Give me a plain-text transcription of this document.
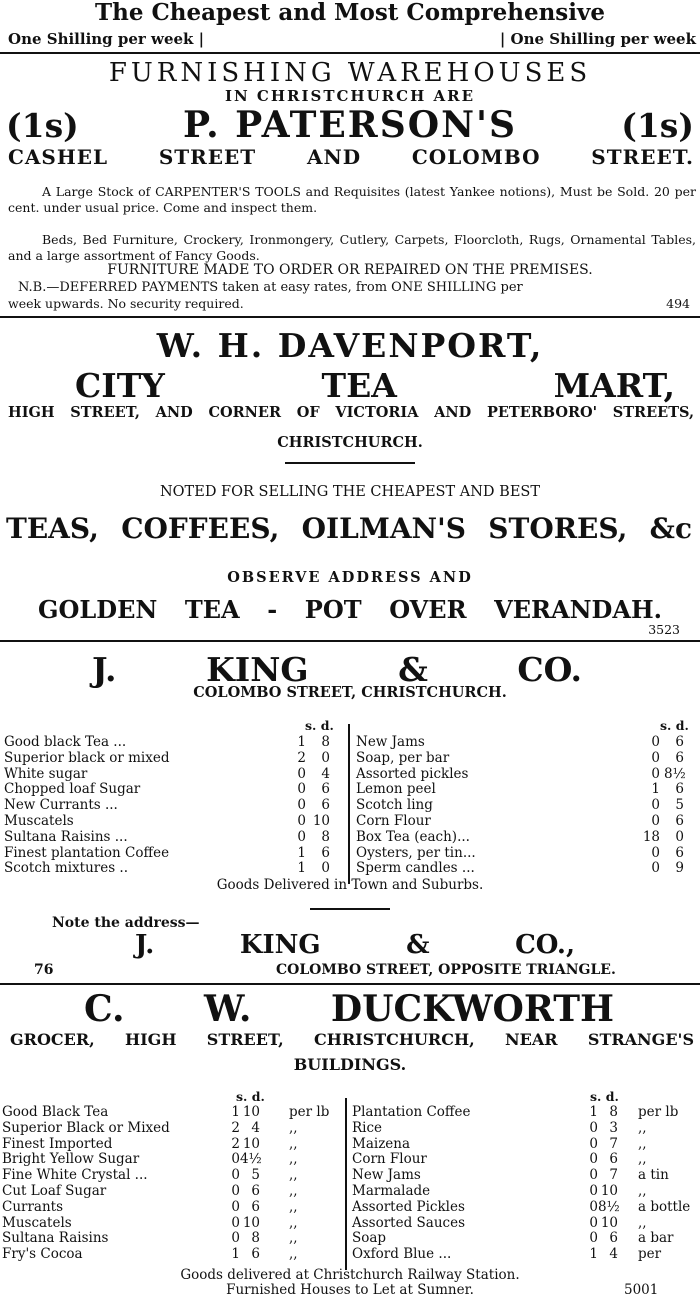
The Cheapest and Most Comprehensive
One Shilling per week |	| One Shilling per week
FURNISHING WAREHOUSES
IN CHRISTCHURCH ARE
(1s)	P. PATERSON'S	(1s)
CASHEL STREET AND COLOMBO STREET.
A Large Stock of CARPENTER'S TOOLS and Requisites (latest Yankee notions), Must be Sold. 20 per cent. under usual price. Come and inspect them.
Beds, Bed Furniture, Crockery, Ironmongery, Cutlery, Carpets, Floorcloth, Rugs, Ornamental Tables, and a large assortment of Fancy Goods.
FURNITURE MADE TO ORDER OR REPAIRED ON THE PREMISES.
N.B.—DEFERRED PAYMENTS taken at easy rates, from ONE SHILLING per
week upwards. No security required.	494
W. H. DAVENPORT,
CITY TEA MART,
HIGH STREET, AND CORNER OF VICTORIA AND PETERBORO' STREETS,
CHRISTCHURCH.
NOTED FOR SELLING THE CHEAPEST AND BEST
TEAS, COFFEES, OILMAN'S STORES, &c
OBSERVE ADDRESS AND
GOLDEN TEA - POT OVER VERANDAH.
3523
J. KING & CO.
COLOMBO STREET, CHRISTCHURCH.
s. d.	s. d.
Good black Tea ...	1	8
Superior black or mixed	2	0
White sugar	0	4
Chopped loaf Sugar	0	6
New Currants ...	0	6
Muscatels	0 10
Sultana Raisins ...	0	8
Finest plantation Coffee	1	6
Scotch mixtures ..	1	0
New Jams	0	6
Soap, per bar	0	6
Assorted pickles	0 8½
Lemon peel	1	6
Scotch ling	0	5
Corn Flour	0	6
Box Tea (each)...	18	0
Oysters, per tin...	0	6
Sperm candles ...	0	9
Goods Delivered in Town and Suburbs.
Note the address—
J. KING & CO.,
76	COLOMBO STREET, OPPOSITE TRIANGLE.
C. W. DUCKWORTH
GROCER, HIGH STREET, CHRISTCHURCH, NEAR STRANGE'S
BUILDINGS.
s. d.	s. d.
Good Black Tea	1 10 per lb
Superior Black or Mixed	2 4 ,,
Finest Imported	2 10 ,,
Bright Yellow Sugar	0 4½ ,,
Fine White Crystal ...	0 5 ,,
Cut Loaf Sugar	0 6 ,,
Currants	0 6 ,,
Muscatels	0 10 ,,
Sultana Raisins	0 8 ,,
Fry's Cocoa	1 6 ,,
Plantation Coffee	1 8 per lb
Rice	0 3 ,,
Maizena	0 7 ,,
Corn Flour	0 6 ,,
New Jams	0 7 a tin
Marmalade	0 10 ,,
Assorted Pickles	0 8½ a bottle
Assorted Sauces	0 10 ,,
Soap	0 6 a bar
Oxford Blue ...	1 4 per
Goods delivered at Christchurch Railway Station.
Furnished Houses to Let at Sumner.	5001
